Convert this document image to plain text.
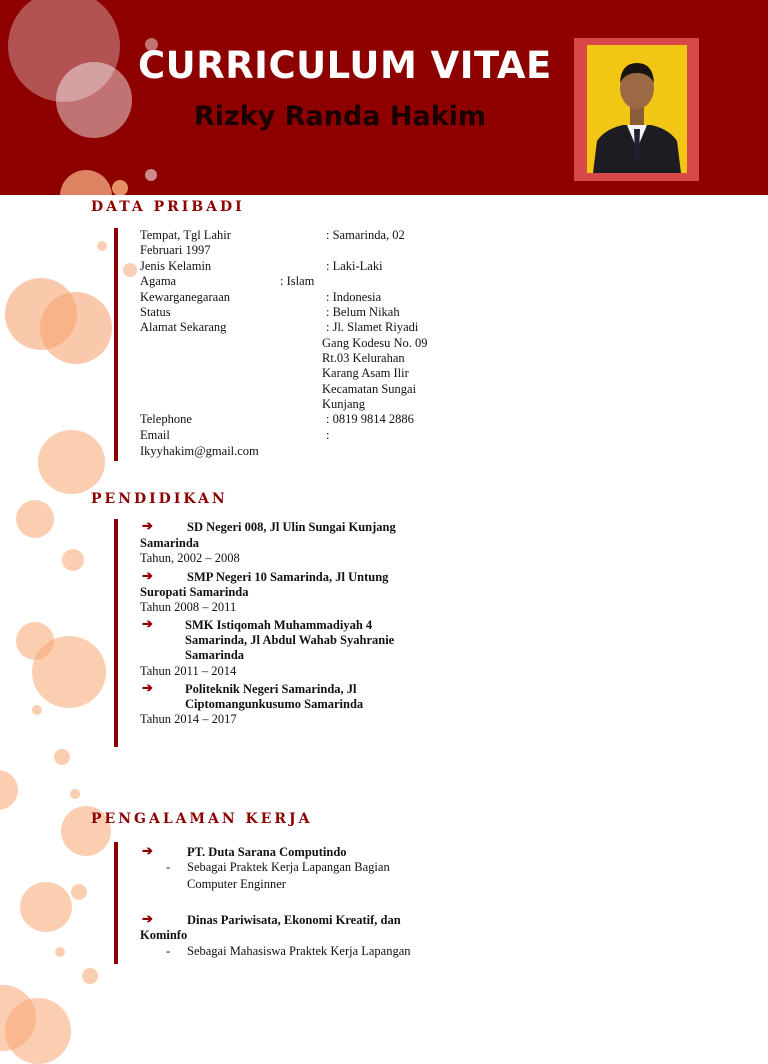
CURRICULUM VITAE
Rizky Randa Hakim
DATA PRIBADI
Tempat, Tgl Lahir	: Samarinda, 02
Februari 1997
Jenis Kelamin	: Laki-Laki
Agama	: Islam
Kewarganegaraan	: Indonesia
Status	: Belum Nikah
Alamat Sekarang	: Jl. Slamet Riyadi
Gang Kodesu No. 09
Rt.03 Kelurahan
Karang Asam Ilir
Kecamatan Sungai
Kunjang
Telephone	: 0819 9814 2886
Email	:
Ikyyhakim@gmail.com
PENDIDIKAN
➔	SD Negeri 008, Jl Ulin Sungai Kunjang
Samarinda
Tahun, 2002 – 2008
➔	SMP Negeri 10 Samarinda, Jl Untung
Suropati Samarinda
Tahun 2008 – 2011
➔	SMK Istiqomah Muhammadiyah 4
Samarinda, Jl Abdul Wahab Syahranie
Samarinda
Tahun 2011 – 2014
➔	Politeknik Negeri Samarinda, Jl
Ciptomangunkusumo Samarinda
Tahun 2014 – 2017
PENGALAMAN KERJA
➔	PT. Duta Sarana Computindo
- Sebagai Praktek Kerja Lapangan Bagian
Computer Enginner
➔	Dinas Pariwisata, Ekonomi Kreatif, dan
Kominfo
- Sebagai Mahasiswa Praktek Kerja Lapangan
